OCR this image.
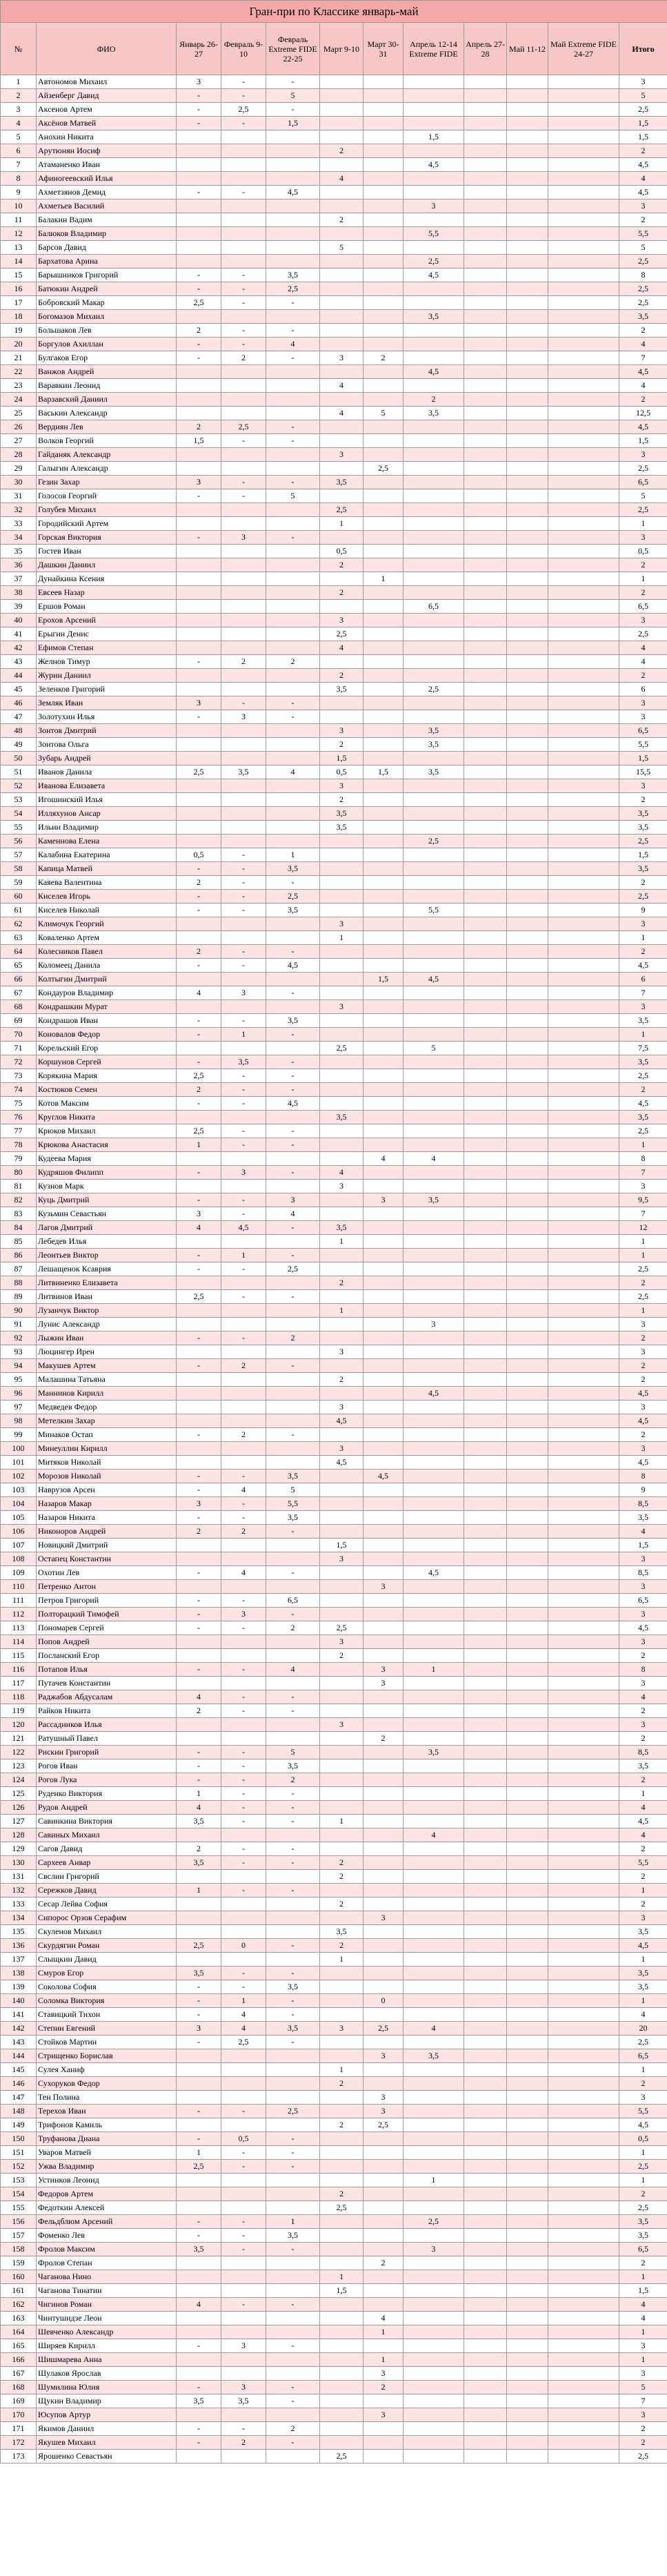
Гран-при по Классике январь-май											
№	ФИО	Январь 26-27	Февраль 9-10	Февраль Extreme FIDE 22-25	Март 9-10	Март 30-31	Апрель 12-14 Extreme FIDE	Апрель 27-28	Май 11-12	Май Extreme FIDE 24-27	Итого
1	Автономов Михаил	3	-	-							3
2	Айзенберг Давид	-	-	5							5
3	Аксенов Артем	-	2,5	-							2,5
4	Аксёнов Матвей	-	-	1,5							1,5
5	Анохин Никита						1,5				1,5
6	Арутюнян Иосиф				2						2
7	Атаманенко Иван						4,5				4,5
8	Афиногеевский Илья				4						4
9	Ахметзянов Демид	-	-	4,5							4,5
10	Ахметьев Василий						3				3
11	Балакин Вадим				2						2
12	Балюков Владимир						5,5				5,5
13	Барсов Давид				5						5
14	Бархатова Арина						2,5				2,5
15	Барышников Григорий	-	-	3,5			4,5				8
16	Батюкин Андрей	-	-	2,5							2,5
17	Бобровский Макар	2,5	-	-							2,5
18	Богомазов Михаил						3,5				3,5
19	Большаков Лев	2	-	-							2
20	Боргулов Ахиллан	-	-	4							4
21	Булгаков Егор	-	2	-	3	2					7
22	Ванжов Андрей						4,5				4,5
23	Варавкин Леонид				4						4
24	Варзавский Даниил						2				2
25	Васькин Александр				4	5	3,5				12,5
26	Вердиян Лев	2	2,5	-							4,5
27	Волков Георгий	1,5	-	-							1,5
28	Гайданяк Александр				3						3
29	Галыгин Александр					2,5					2,5
30	Гезин Захар	3	-	-	3,5						6,5
31	Голосов Георгий	-	-	5							5
32	Голубев Михаил				2,5						2,5
33	Городийский Артем				1						1
34	Горская Виктория	-	3	-							3
35	Гостев Иван				0,5						0,5
36	Дашкин Даниил				2						2
37	Дунайкина Ксения					1					1
38	Евсеев Назар				2						2
39	Ершов Роман						6,5				6,5
40	Ерохов Арсений				3						3
41	Ерыгин Денис				2,5						2,5
42	Ефимов Степан				4						4
43	Желнов Тимур	-	2	2							4
44	Журин Даниил				2						2
45	Зеленков Григорий				3,5		2,5				6
46	Земляк Иван	3	-	-							3
47	Золотухин Илья	-	3	-							3
48	Зонтов Дмитрий				3		3,5				6,5
49	Зонтова Ольга				2		3,5				5,5
50	Зубарь Андрей				1,5						1,5
51	Иванов Данила	2,5	3,5	4	0,5	1,5	3,5				15,5
52	Иванова Елизавета				3						3
53	Игошинский Илья				2						2
54	Илляхунов Ансар				3,5						3,5
55	Ильин Владимир				3,5						3,5
56	Каменнова Елена						2,5				2,5
57	Калабина Екатерина	0,5	-	1							1,5
58	Капица Матвей	-	-	3,5							3,5
59	Каяева Валентина	2	-	-							2
60	Киселев Игорь	-	-	2,5							2,5
61	Киселев Николай	-	-	3,5			5,5				9
62	Климочук Георгий				3						3
63	Коваленко Артем				1						1
64	Колесников Павел	2	-	-							2
65	Коломеец Данила	-	-	4,5							4,5
66	Колтыгин Дмитрий					1,5	4,5				6
67	Кондауров Владимир	4	3	-							7
68	Кондрашкин Мурат				3						3
69	Кондрашов Иван	-	-	3,5							3,5
70	Коновалов Федор	-	1	-							1
71	Корельский Егор				2,5		5				7,5
72	Коршунов Сергей	-	3,5	-							3,5
73	Корякина Мария	2,5	-	-							2,5
74	Костюков Семен	2	-	-							2
75	Котов Максим	-	-	4,5							4,5
76	Круглов Никита				3,5						3,5
77	Крюков Михаил	2,5	-	-							2,5
78	Крюкова Анастасия	1	-	-							1
79	Кудеева Мария					4	4				8
80	Кудряшов Филипп	-	3	-	4						7
81	Кузнов Марк				3						3
82	Куць Дмитрий	-	-	3		3	3,5				9,5
83	Кузьмин Севастьян	3	-	4							7
84	Лагов Дмитрий	4	4,5	-	3,5						12
85	Лебедев Илья				1						1
86	Леонтьев Виктор	-	1	-							1
87	Лешащенок Ксаврия	-	-	2,5							2,5
88	Литвиненко Елизавета				2						2
89	Литвинов Иван	2,5	-	-							2,5
90	Лузанчук Виктор				1						1
91	Лунис Александр						3				3
92	Лыжин Иван	-	-	2							2
93	Люцингер Ирен				3						3
94	Макушев Артем	-	2	-							2
95	Малашина Татьяна				2						2
96	Маннинов Кирилл						4,5				4,5
97	Медведев Федор				3						3
98	Метелкин Захар				4,5						4,5
99	Минаков Остап	-	2	-							2
100	Минеуллин Кирилл				3						3
101	Митяков Николай				4,5						4,5
102	Морозов Николай	-	-	3,5		4,5					8
103	Наврузов Арсен	-	4	5							9
104	Назаров Макар	3	-	5,5							8,5
105	Назаров Никита	-	-	3,5							3,5
106	Никоноров Андрей	2	2	-							4
107	Новицкий Дмитрий				1,5						1,5
108	Остапец Константин				3						3
109	Охотин Лев	-	4	-			4,5				8,5
110	Петренко Антон					3					3
111	Петров Григорий	-	-	6,5							6,5
112	Полторацкий Тимофей	-	3	-							3
113	Пономарев Сергей	-	-	2	2,5						4,5
114	Попов Андрей				3						3
115	Посланский Егор				2						2
116	Потапов Илья	-	-	4		3	1				8
117	Путачев Константин					3					3
118	Раджабов Абдусалам	4	-	-							4
119	Райков Никита	2	-	-							2
120	Рассадников Илья				3						3
121	Ратушный Павел					2					2
122	Рискин Григорий	-	-	5			3,5				8,5
123	Рогов Иван	-	-	3,5							3,5
124	Рогов Лука	-	-	2							2
125	Руденко Виктория	1	-	-							1
126	Рудов Андрей	4	-	-							4
127	Савинкина Виктория	3,5	-	-	1						4,5
128	Савиных Михаил						4				4
129	Сагов Давид	2	-	-							2
130	Сархеев Анвар	3,5	-	-	2						5,5
131	Свслин Григорий				2						2
132	Сережков Давид	1	-	-							1
133	Сесар Лейва София				2						2
134	Сипорос Орзов Серафим					3					3
135	Скуленов Михаил				3,5						3,5
136	Скурдягин Роман	2,5	0	-	2						4,5
137	Слыщкин Давид				1						1
138	Смуров Егор	3,5	-	-							3,5
139	Соколова София	-	-	3,5							3,5
140	Соломка Виктория	-	1	-		0					1
141	Ставицкий Тихон	-	4	-							4
142	Степин Евгений	3	4	3,5	3	2,5	4				20
143	Стойков Мартин	-	2,5	-							2,5
144	Стрищенко Борислав					3	3,5				6,5
145	Сулея Ханиф				1						1
146	Сухоруков Федор				2						2
147	Тен Полина					3					3
148	Терехов Иван	-	-	2,5		3					5,5
149	Трифонов Камиль				2	2,5					4,5
150	Труфанова Диана	-	0,5	-							0,5
151	Уваров Матвей	1	-	-							1
152	Ужва Владимир	2,5	-	-							2,5
153	Устинков Леонид						1				1
154	Федоров Артем				2						2
155	Федоткин Алексей				2,5						2,5
156	Фельдблюм Арсений	-	-	1			2,5				3,5
157	Фоменко Лев	-	-	3,5							3,5
158	Фролов Максим	3,5	-	-			3				6,5
159	Фролов Степан					2					2
160	Чаганова Нино				1						1
161	Чаганова Тинатин				1,5						1,5
162	Чигинов Роман	4	-	-							4
163	Чинтушидзе Леон					4					4
164	Шевченко Александр					1					1
165	Ширяев Кирилл	-	3	-							3
166	Шишмарева Анна					1					1
167	Шулаков Ярослав					3					3
168	Шумилина Юлия	-	3	-		2					5
169	Щукин Владимир	3,5	3,5	-							7
170	Юсупов Артур					3					3
171	Якимов Даниил	-	-	2							2
172	Якушев Михаил	-	2	-							2
173	Ярошенко Севастьян				2,5						2,5
